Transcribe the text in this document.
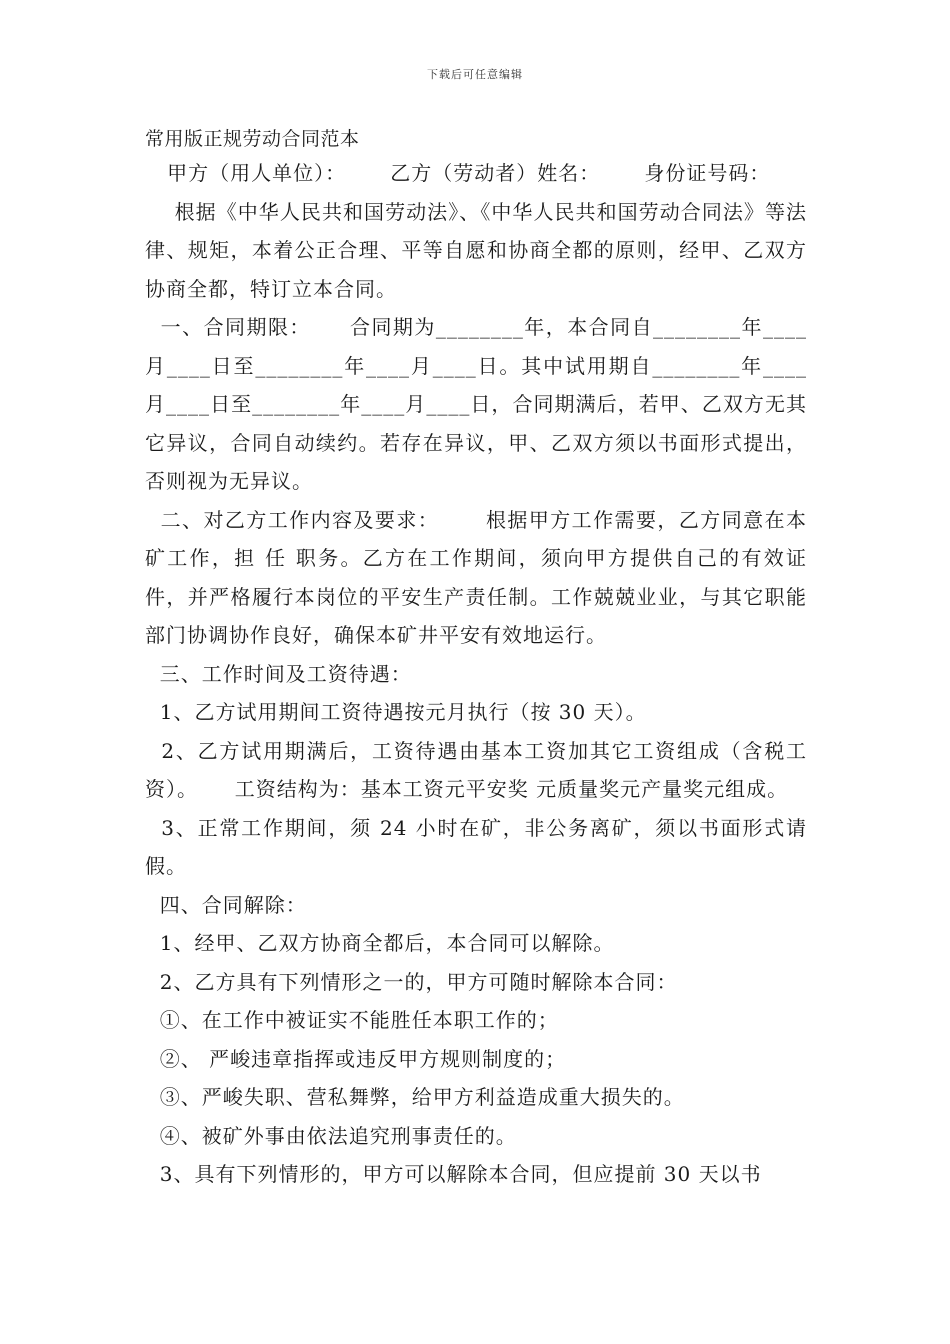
下载后可任意编辑
常用版正规劳动合同范本

甲方（用人单位）：      乙方（劳动者）姓名：      身份证号码：

根据《中华人民共和国劳动法》、《中华人民共和国劳动合同法》等法律、规矩，本着公正合理、平等自愿和协商全都的原则，经甲、乙双方协商全都，特订立本合同。

一、合同期限：     合同期为________年，本合同自________年____月____日至________年____月____日。其中试用期自________年____月____日至________年____月____日，合同期满后，若甲、乙双方无其它异议，合同自动续约。若存在异议，甲、乙双方须以书面形式提出，否则视为无异议。

二、对乙方工作内容及要求：      根据甲方工作需要，乙方同意在本矿工作，担 任 职务。乙方在工作期间，须向甲方提供自己的有效证件，并严格履行本岗位的平安生产责任制。工作兢兢业业，与其它职能部门协调协作良好，确保本矿井平安有效地运行。

三、工作时间及工资待遇：

1、乙方试用期间工资待遇按元月执行（按 30 天）。

2、乙方试用期满后，工资待遇由基本工资加其它工资组成（含税工资）。     工资结构为：基本工资元平安奖 元质量奖元产量奖元组成。

3、正常工作期间，须 24 小时在矿，非公务离矿，须以书面形式请假。

四、合同解除：

1、经甲、乙双方协商全都后，本合同可以解除。

2、乙方具有下列情形之一的，甲方可随时解除本合同：

①、在工作中被证实不能胜任本职工作的；

②、 严峻违章指挥或违反甲方规则制度的；

③、严峻失职、营私舞弊，给甲方利益造成重大损失的。

④、被矿外事由依法追究刑事责任的。

3、具有下列情形的，甲方可以解除本合同，但应提前 30 天以书
